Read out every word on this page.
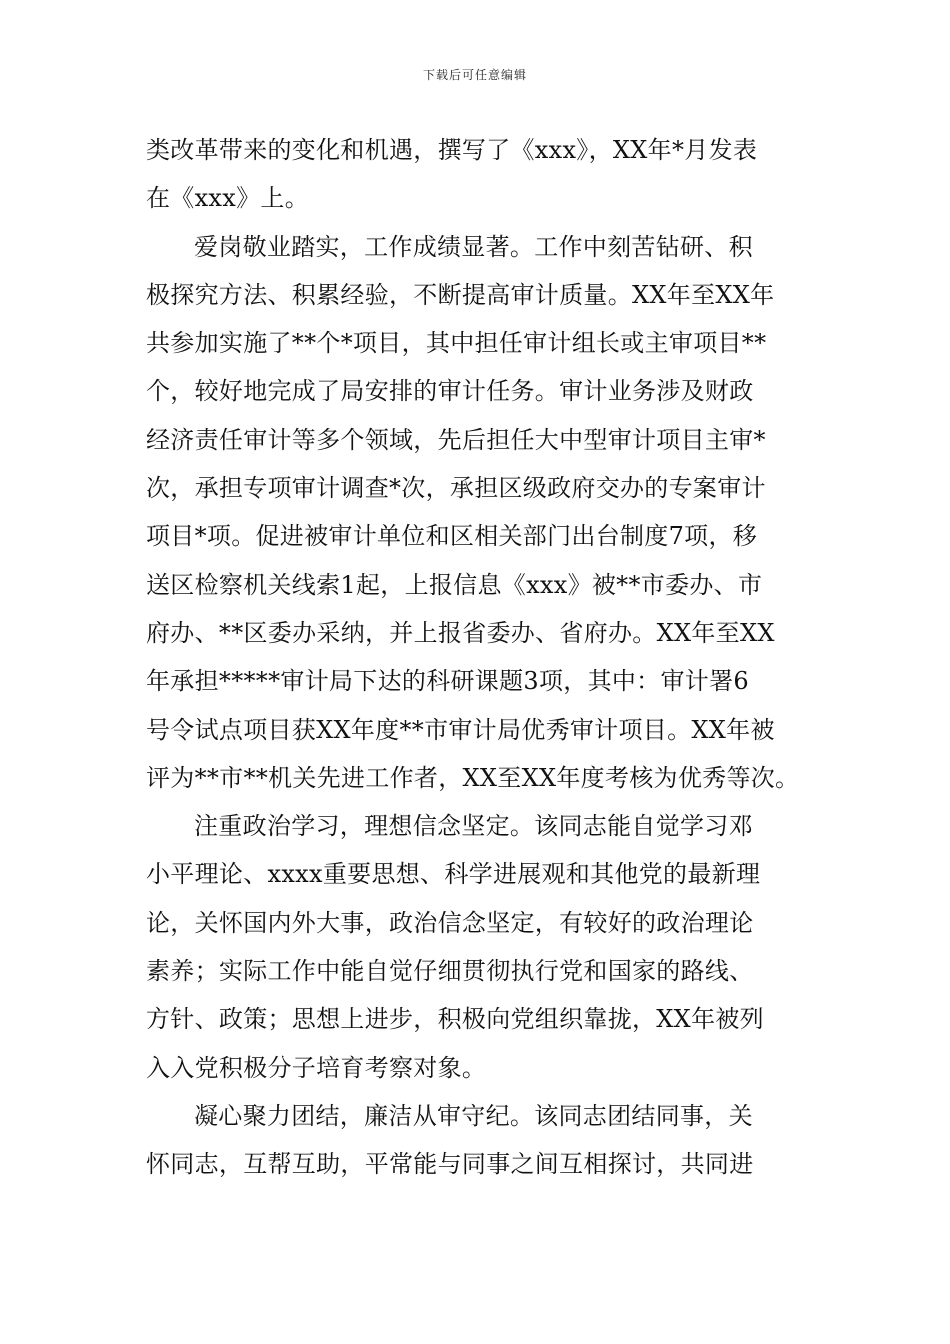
下载后可任意编辑

类改革带来的变化和机遇，撰写了《xxx》，XX年*月发表

在《xxx》上。

爱岗敬业踏实，工作成绩显著。工作中刻苦钻研、积

极探究方法、积累经验，不断提高审计质量。XX年至XX年

共参加实施了**个*项目，其中担任审计组长或主审项目**

个，较好地完成了局安排的审计任务。审计业务涉及财政

经济责任审计等多个领域，先后担任大中型审计项目主审*

次，承担专项审计调查*次，承担区级政府交办的专案审计

项目*项。促进被审计单位和区相关部门出台制度7项，移

送区检察机关线索1起，上报信息《xxx》被**市委办、市

府办、**区委办采纳，并上报省委办、省府办。XX年至XX

年承担*****审计局下达的科研课题3项，其中：审计署6

号令试点项目获XX年度**市审计局优秀审计项目。XX年被

评为**市**机关先进工作者，XX至XX年度考核为优秀等次。

注重政治学习，理想信念坚定。该同志能自觉学习邓

小平理论、xxxx重要思想、科学进展观和其他党的最新理

论，关怀国内外大事，政治信念坚定，有较好的政治理论

素养；实际工作中能自觉仔细贯彻执行党和国家的路线、

方针、政策；思想上进步，积极向党组织靠拢，XX年被列

入入党积极分子培育考察对象。

凝心聚力团结，廉洁从审守纪。该同志团结同事，关

怀同志，互帮互助，平常能与同事之间互相探讨，共同进
